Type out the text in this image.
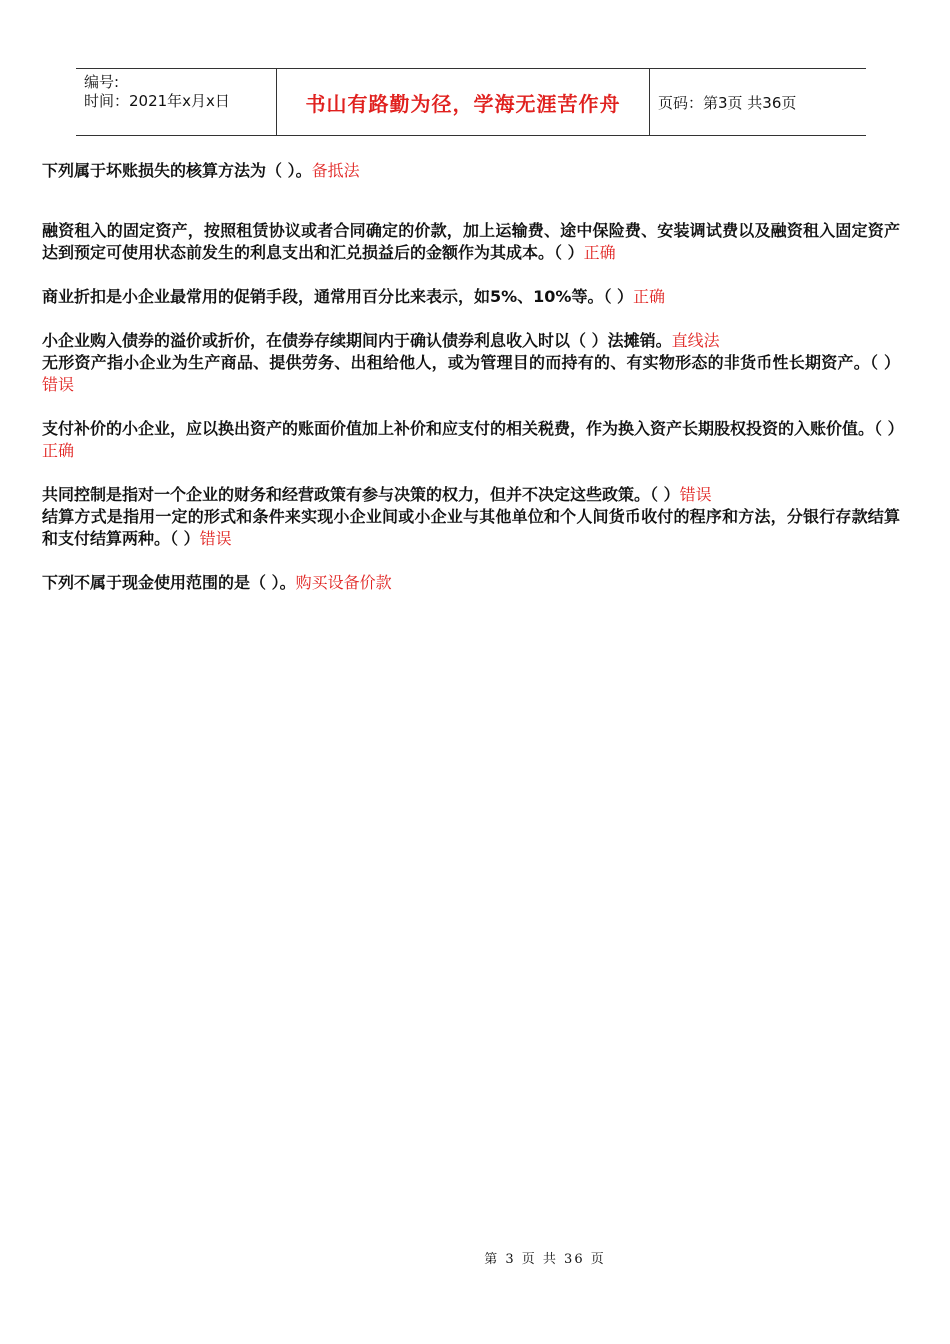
编号:
时间：2021年x月x日	书山有路勤为径，学海无涯苦作舟	页码：第3页 共36页

下列属于坏账损失的核算方法为（ ）。备抵法

融资租入的固定资产，按照租赁协议或者合同确定的价款，加上运输费、途中保险费、安装调试费以及融资租入固定资产达到预定可使用状态前发生的利息支出和汇兑损益后的金额作为其成本。（ ）正确

商业折扣是小企业最常用的促销手段，通常用百分比来表示，如5%、10%等。（ ）正确

小企业购入债券的溢价或折价，在债券存续期间内于确认债券利息收入时以（ ）法摊销。直线法

无形资产指小企业为生产商品、提供劳务、出租给他人，或为管理目的而持有的、有实物形态的非货币性长期资产。（ ）错误

支付补价的小企业，应以换出资产的账面价值加上补价和应支付的相关税费，作为换入资产长期股权投资的入账价值。（ ）正确

共同控制是指对一个企业的财务和经营政策有参与决策的权力，但并不决定这些政策。（ ）错误

结算方式是指用一定的形式和条件来实现小企业间或小企业与其他单位和个人间货币收付的程序和方法，分银行存款结算和支付结算两种。（ ）错误

下列不属于现金使用范围的是（ ）。购买设备价款

第 3 页 共 36 页
